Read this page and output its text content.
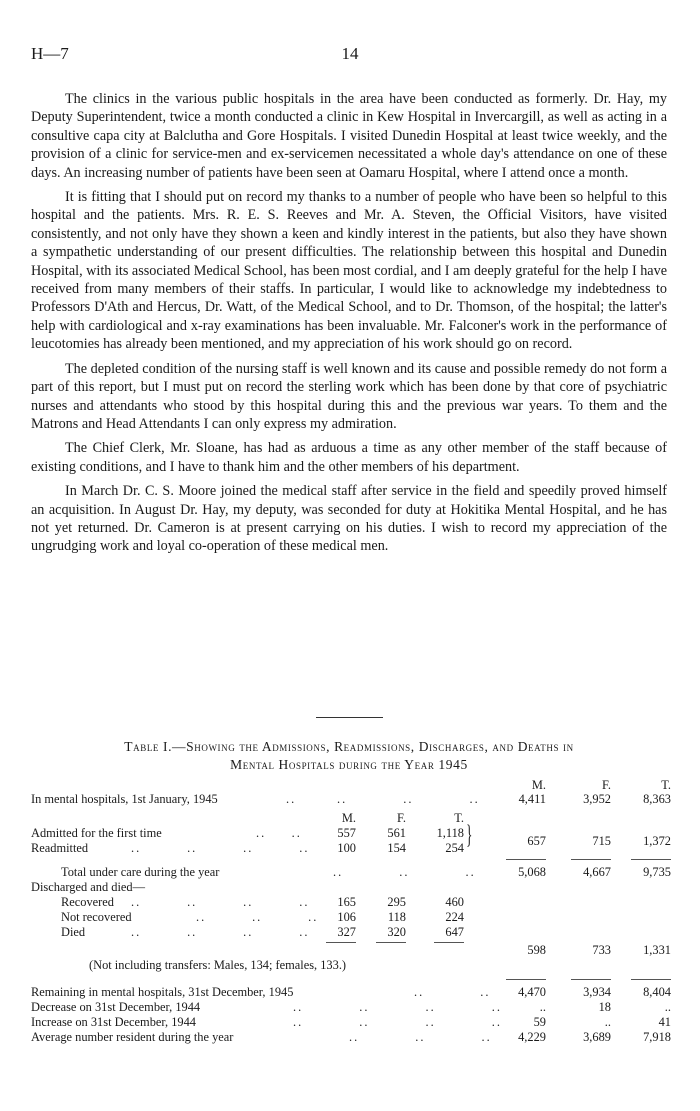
H—7	14

The clinics in the various public hospitals in the area have been conducted as formerly. Dr. Hay, my Deputy Superintendent, twice a month conducted a clinic in Kew Hospital in Invercargill, as well as acting in a consultive capa city at Balclutha and Gore Hospitals. I visited Dunedin Hospital at least twice weekly, and the provision of a clinic for service-men and ex-servicemen necessitated a whole day's attendance on one of these days. An increasing number of patients have been seen at Oamaru Hospital, where I attend once a month.

It is fitting that I should put on record my thanks to a number of people who have been so helpful to this hospital and the patients. Mrs. R. E. S. Reeves and Mr. A. Steven, the Official Visitors, have visited consistently, and not only have they shown a keen and kindly interest in the patients, but also they have shown a sympathetic understanding of our present difficulties. The relationship between this hospital and Dunedin Hospital, with its associated Medical School, has been most cordial, and I am deeply grateful for the help I have received from many members of their staffs. In particular, I would like to acknowledge my indebtedness to Professors D'Ath and Hercus, Dr. Watt, of the Medical School, and to Dr. Thomson, of the hospital; the latter's help with cardiological and x-ray examinations has been invaluable. Mr. Falconer's work in the performance of leucotomies has already been mentioned, and my appreciation of his work should go on record.

The depleted condition of the nursing staff is well known and its cause and possible remedy do not form a part of this report, but I must put on record the sterling work which has been done by that core of psychiatric nurses and attendants who stood by this hospital during this and the previous war years. To them and the Matrons and Head Attendants I can only express my admiration.

The Chief Clerk, Mr. Sloane, has had as arduous a time as any other member of the staff because of existing conditions, and I have to thank him and the other members of his department.

In March Dr. C. S. Moore joined the medical staff after service in the field and speedily proved himself an acquisition. In August Dr. Hay, my deputy, was seconded for duty at Hokitika Mental Hospital, and he has not yet returned. Dr. Cameron is at present carrying on his duties. I wish to record my appreciation of the ungrudging work and loyal co-operation of these medical men.

Table I.—Showing the Admissions, Readmissions, Discharges, and Deaths in
Mental Hospitals during the Year 1945
M.	F.	T.
In mental hospitals, 1st January, 1945	..        ..           ..           ..	4,411	3,952	8,363
M.	F.	T.
Admitted for the first time	..     ..	557	561	1,118
Readmitted	..         ..         ..         ..	100	154	254 }	657	715	1,372
Total under care during the year	..           ..           ..	5,068	4,667	9,735
Discharged and died—
Recovered ..         ..         ..         ..	165	295	460
Not recovered	..         ..         ..	106	118	224
Died	..         ..         ..         ..	327	320	647
598	733	1,331
(Not including transfers: Males, 134; females, 133.)
Remaining in mental hospitals, 31st December, 1945	..           ..	4,470	3,934	8,404
Decrease on 31st December, 1944	..           ..           ..           ..	..	18	..
Increase on 31st December, 1944	..           ..           ..           ..	59	..	41
Average number resident during the year	..           ..           ..	4,229	3,689	7,918
